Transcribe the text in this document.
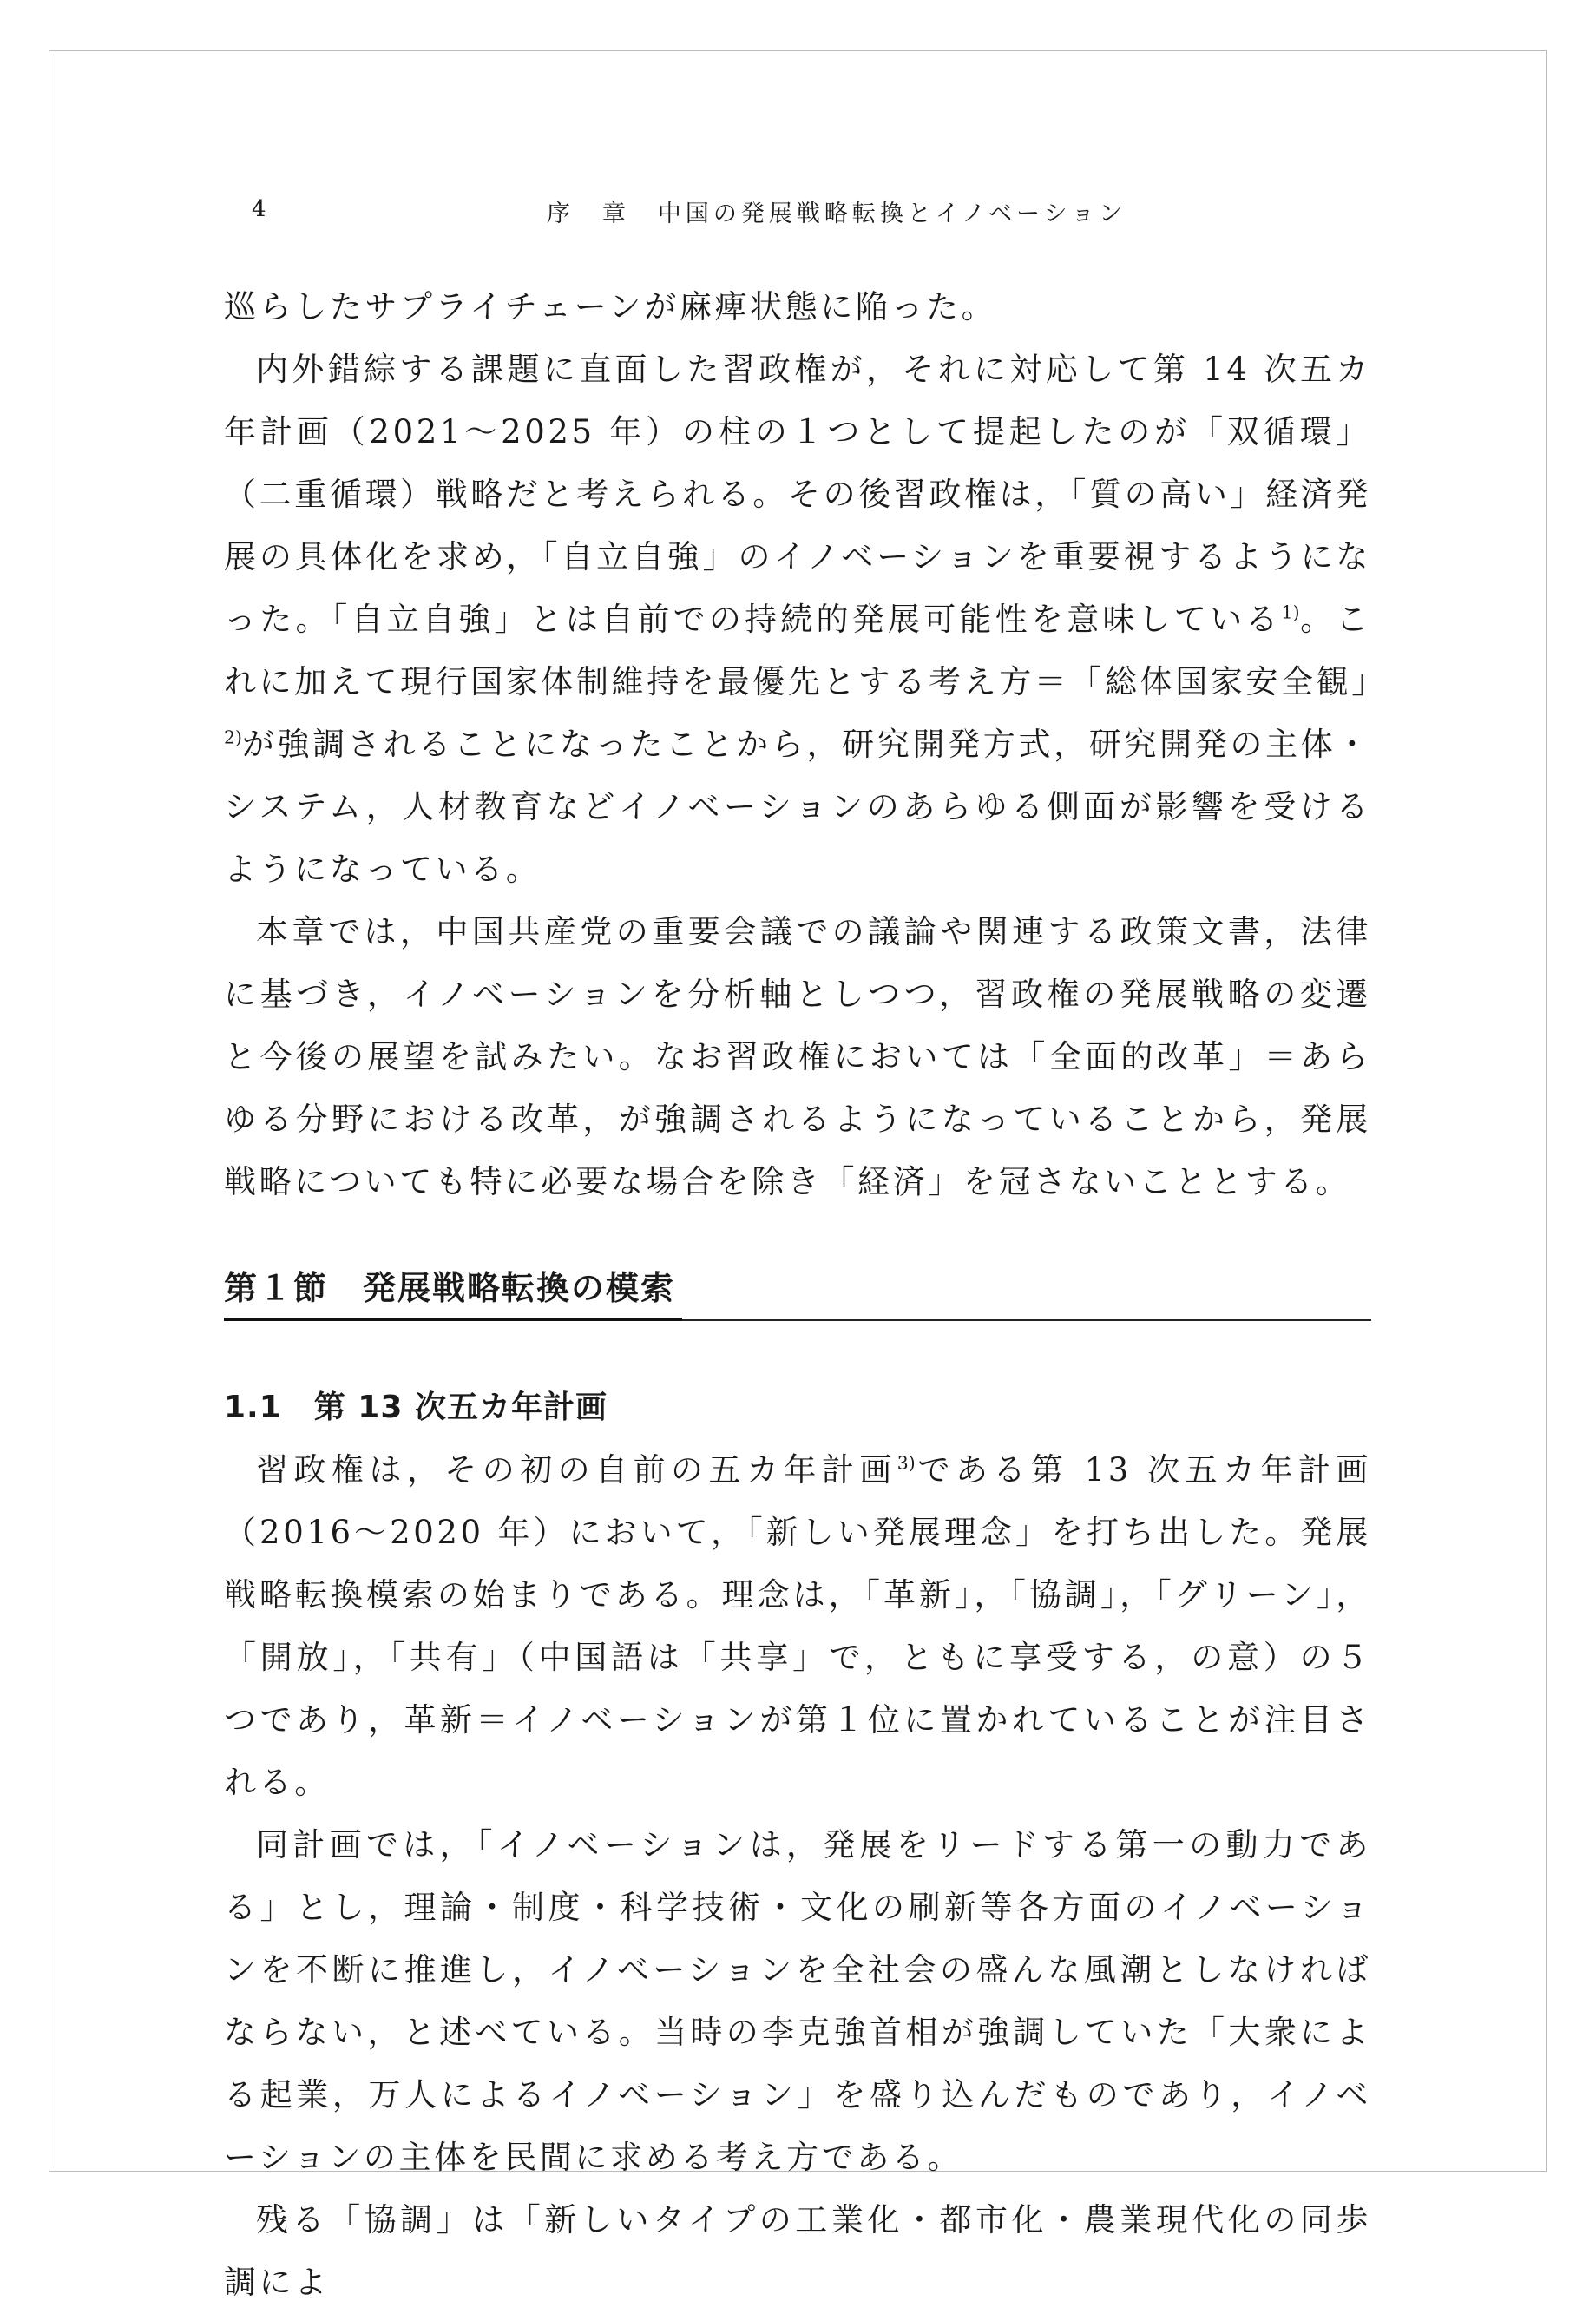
4	序　章　中国の発展戦略転換とイノベーション

巡らしたサプライチェーンが麻痺状態に陥った。

内外錯綜する課題に直面した習政権が，それに対応して第 14 次五カ年計画（2021〜2025 年）の柱の１つとして提起したのが「双循環」（二重循環）戦略だと考えられる。その後習政権は，「質の高い」経済発展の具体化を求め，「自立自強」のイノベーションを重要視するようになった。「自立自強」とは自前での持続的発展可能性を意味している$^{1)}$。これに加えて現行国家体制維持を最優先とする考え方＝「総体国家安全観」$^{2)}$が強調されることになったことから，研究開発方式，研究開発の主体・システム，人材教育などイノベーションのあらゆる側面が影響を受けるようになっている。

本章では，中国共産党の重要会議での議論や関連する政策文書，法律に基づき，イノベーションを分析軸としつつ，習政権の発展戦略の変遷と今後の展望を試みたい。なお習政権においては「全面的改革」＝あらゆる分野における改革，が強調されるようになっていることから，発展戦略についても特に必要な場合を除き「経済」を冠さないこととする。

第１節　発展戦略転換の模索
1.1　第 13 次五カ年計画

習政権は，その初の自前の五カ年計画$^{3)}$である第 13 次五カ年計画（2016〜2020 年）において，「新しい発展理念」を打ち出した。発展戦略転換模索の始まりである。理念は，「革新」，「協調」，「グリーン」，「開放」，「共有」（中国語は「共享」で，ともに享受する，の意）の５つであり，革新＝イノベーションが第１位に置かれていることが注目される。

同計画では，「イノベーションは，発展をリードする第一の動力である」とし，理論・制度・科学技術・文化の刷新等各方面のイノベーションを不断に推進し，イノベーションを全社会の盛んな風潮としなければならない，と述べている。当時の李克強首相が強調していた「大衆による起業，万人によるイノベーション」を盛り込んだものであり，イノベーションの主体を民間に求める考え方である。

残る「協調」は「新しいタイプの工業化・都市化・農業現代化の同歩調によ
